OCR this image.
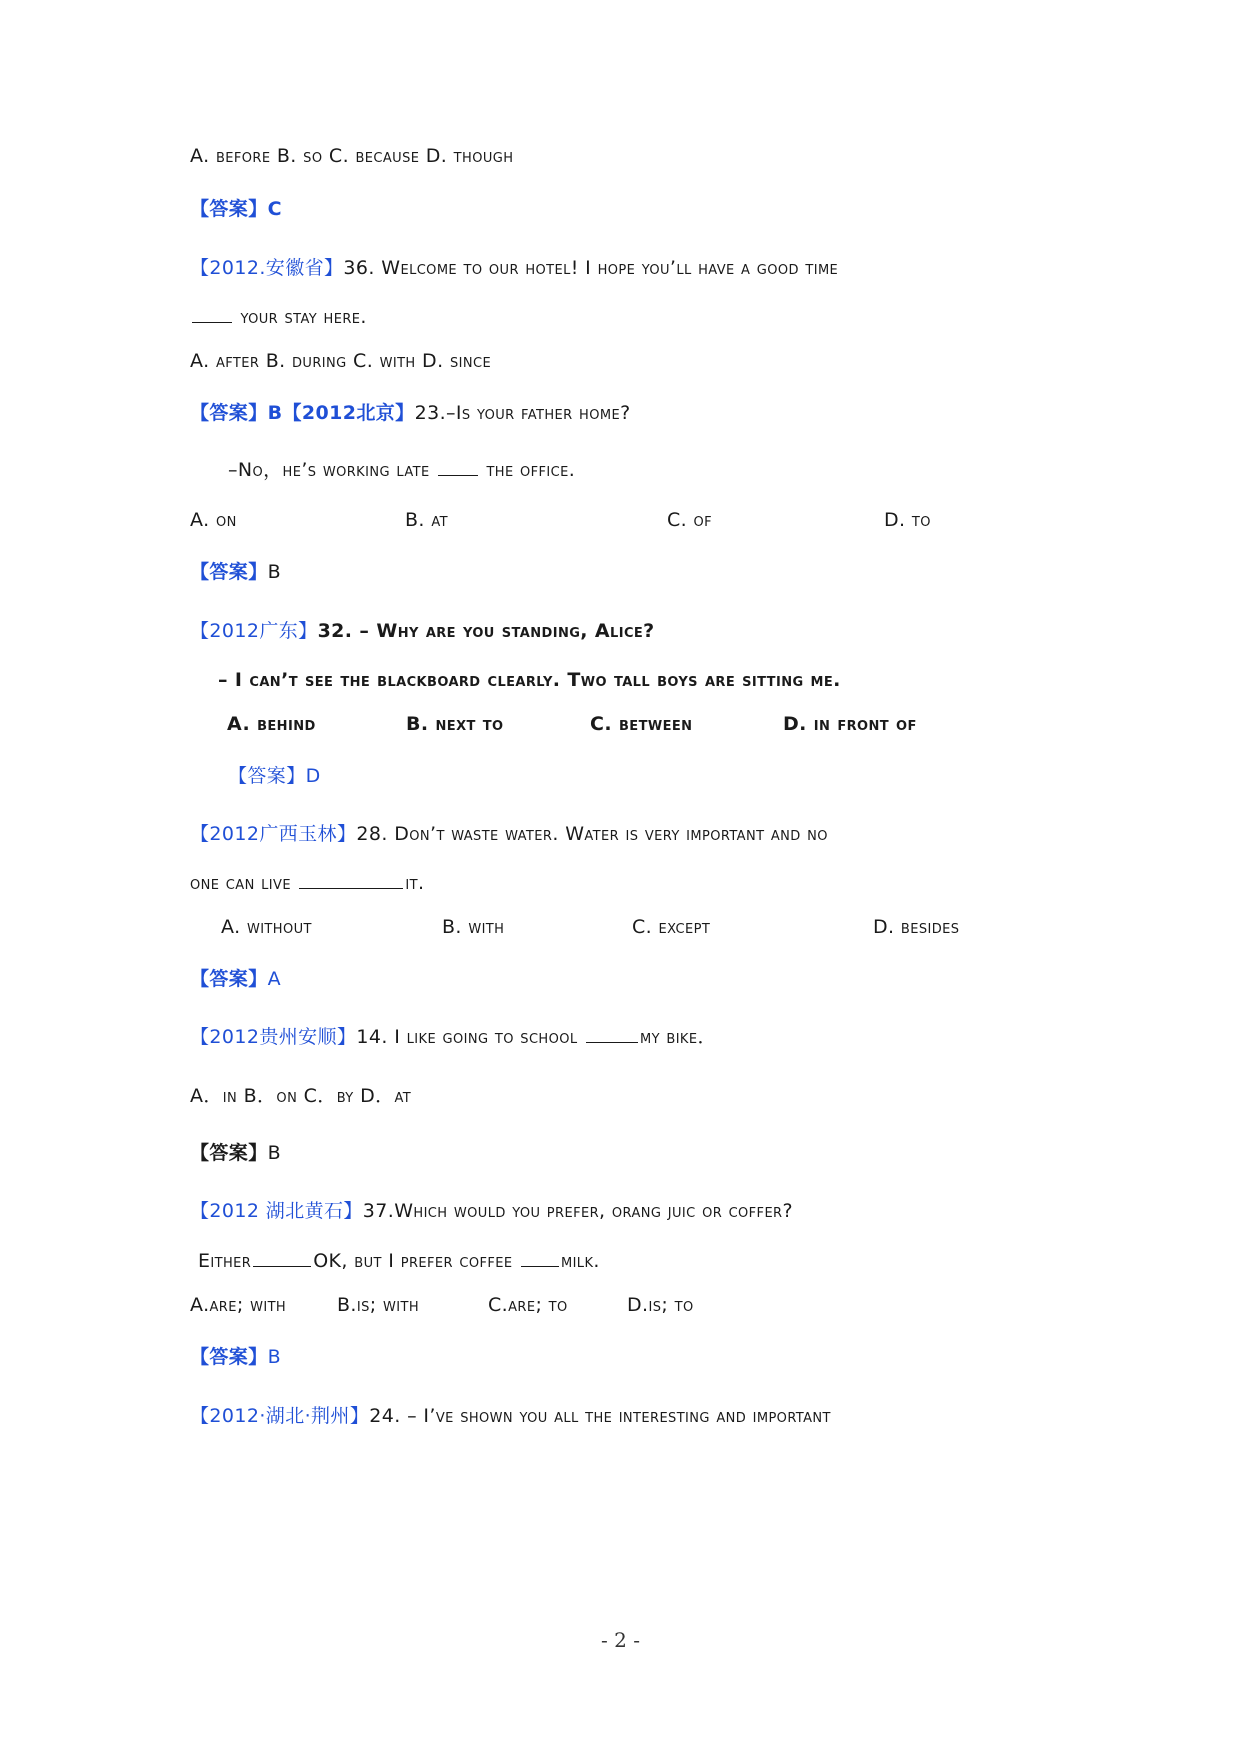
A. before B. so C. because D. though
【答案】C
【2012.安徽省】36. Welcome to our hotel! I hope you’ll have a good time
your stay here.
A. after B. during C. with D. since
【答案】B【2012北京】23.–Is your father home?
–No，he’s working late	the office.
A. on	B. at	C. of	D. to
【答案】B
【2012广东】32. – Why are you standing, Alice?
– I can’t see the blackboard clearly. Two tall boys are sitting me.
A. behind	B. next to	C. between	D. in front of
【答案】D
【2012广西玉林】28. Don’t waste water. Water is very important and no
one can live	it.
A. without	B. with	C. except	D. besides
【答案】A
【2012贵州安顺】14. I like going to school	my bike．
A．in B．on C．by D．at
【答案】B
【2012 湖北黄石】37.Which would you prefer, orang juic or coffer?
Either	OK, but I prefer coffee	milk.
A.are; with	B.is; with	C.are; to	D.is; to
【答案】B
【2012·湖北·荆州】24. – I’ve shown you all the interesting and important
- 2 -
